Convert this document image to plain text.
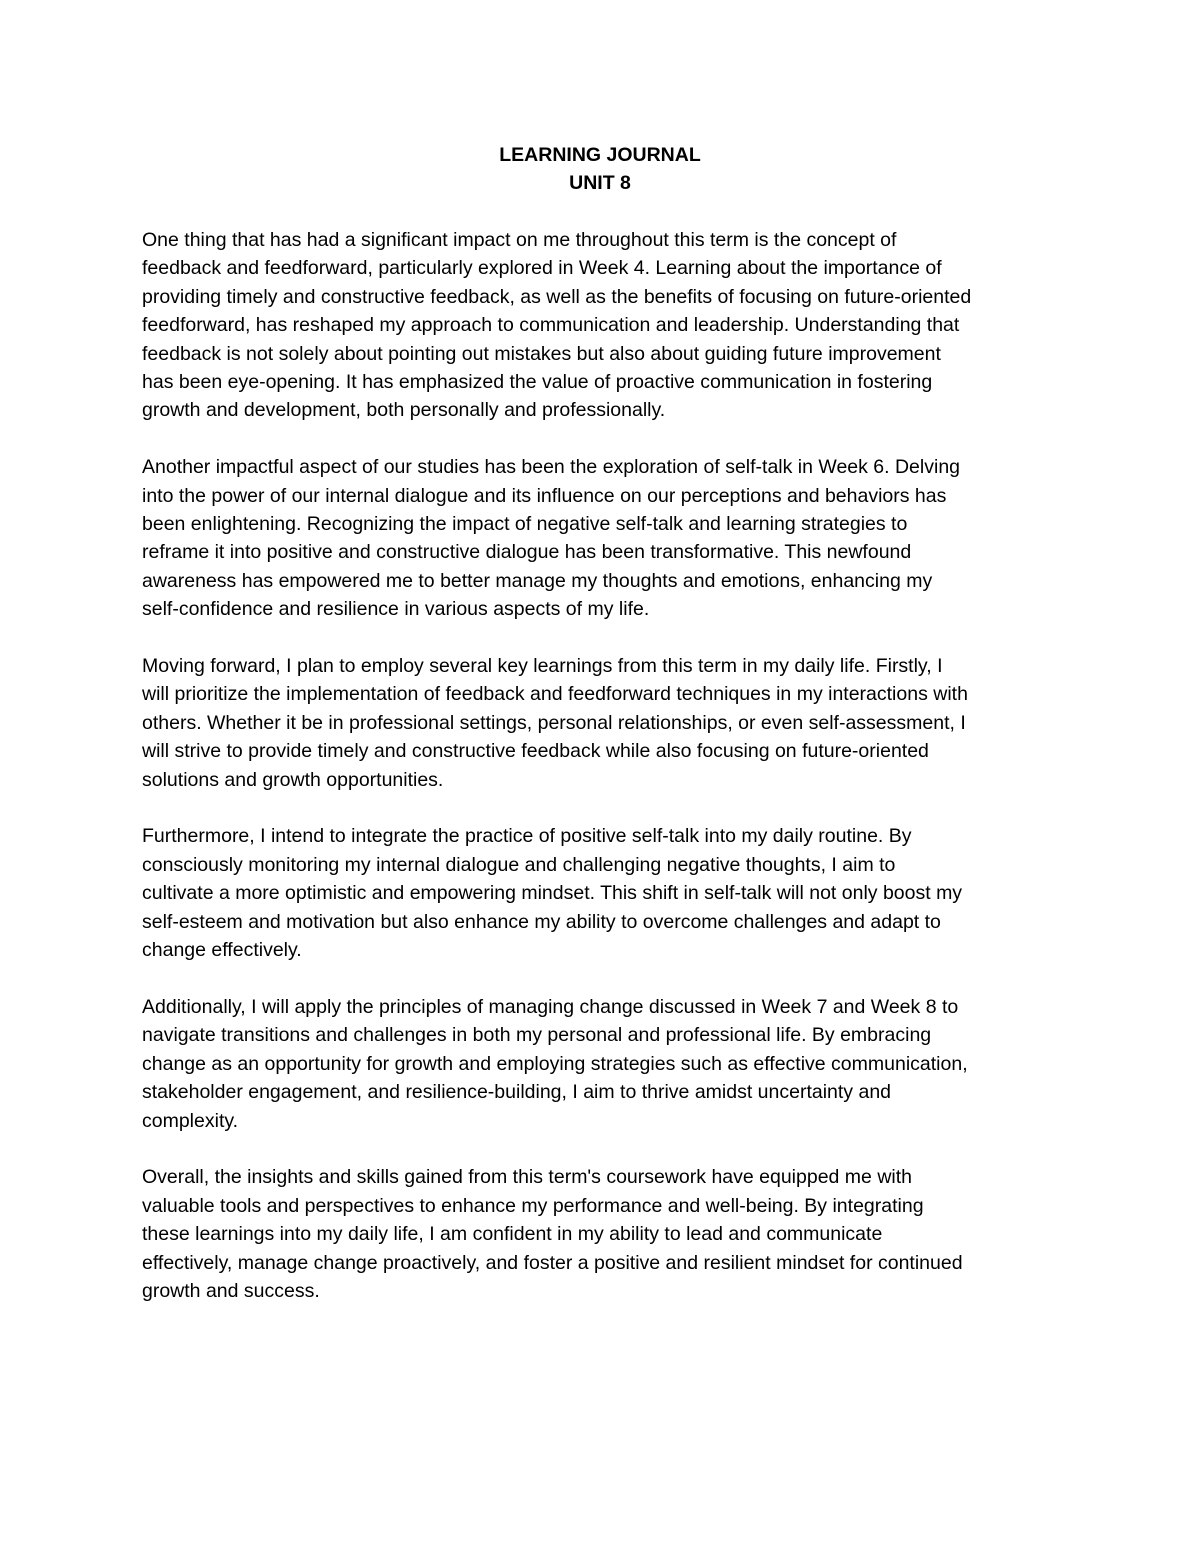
LEARNING JOURNAL

UNIT 8

One thing that has had a significant impact on me throughout this term is the concept of
feedback and feedforward, particularly explored in Week 4. Learning about the importance of
providing timely and constructive feedback, as well as the benefits of focusing on future-oriented
feedforward, has reshaped my approach to communication and leadership. Understanding that
feedback is not solely about pointing out mistakes but also about guiding future improvement
has been eye-opening. It has emphasized the value of proactive communication in fostering
growth and development, both personally and professionally.

Another impactful aspect of our studies has been the exploration of self-talk in Week 6. Delving
into the power of our internal dialogue and its influence on our perceptions and behaviors has
been enlightening. Recognizing the impact of negative self-talk and learning strategies to
reframe it into positive and constructive dialogue has been transformative. This newfound
awareness has empowered me to better manage my thoughts and emotions, enhancing my
self-confidence and resilience in various aspects of my life.

Moving forward, I plan to employ several key learnings from this term in my daily life. Firstly, I
will prioritize the implementation of feedback and feedforward techniques in my interactions with
others. Whether it be in professional settings, personal relationships, or even self-assessment, I
will strive to provide timely and constructive feedback while also focusing on future-oriented
solutions and growth opportunities.

Furthermore, I intend to integrate the practice of positive self-talk into my daily routine. By
consciously monitoring my internal dialogue and challenging negative thoughts, I aim to
cultivate a more optimistic and empowering mindset. This shift in self-talk will not only boost my
self-esteem and motivation but also enhance my ability to overcome challenges and adapt to
change effectively.

Additionally, I will apply the principles of managing change discussed in Week 7 and Week 8 to
navigate transitions and challenges in both my personal and professional life. By embracing
change as an opportunity for growth and employing strategies such as effective communication,
stakeholder engagement, and resilience-building, I aim to thrive amidst uncertainty and
complexity.

Overall, the insights and skills gained from this term's coursework have equipped me with
valuable tools and perspectives to enhance my performance and well-being. By integrating
these learnings into my daily life, I am confident in my ability to lead and communicate
effectively, manage change proactively, and foster a positive and resilient mindset for continued
growth and success.
